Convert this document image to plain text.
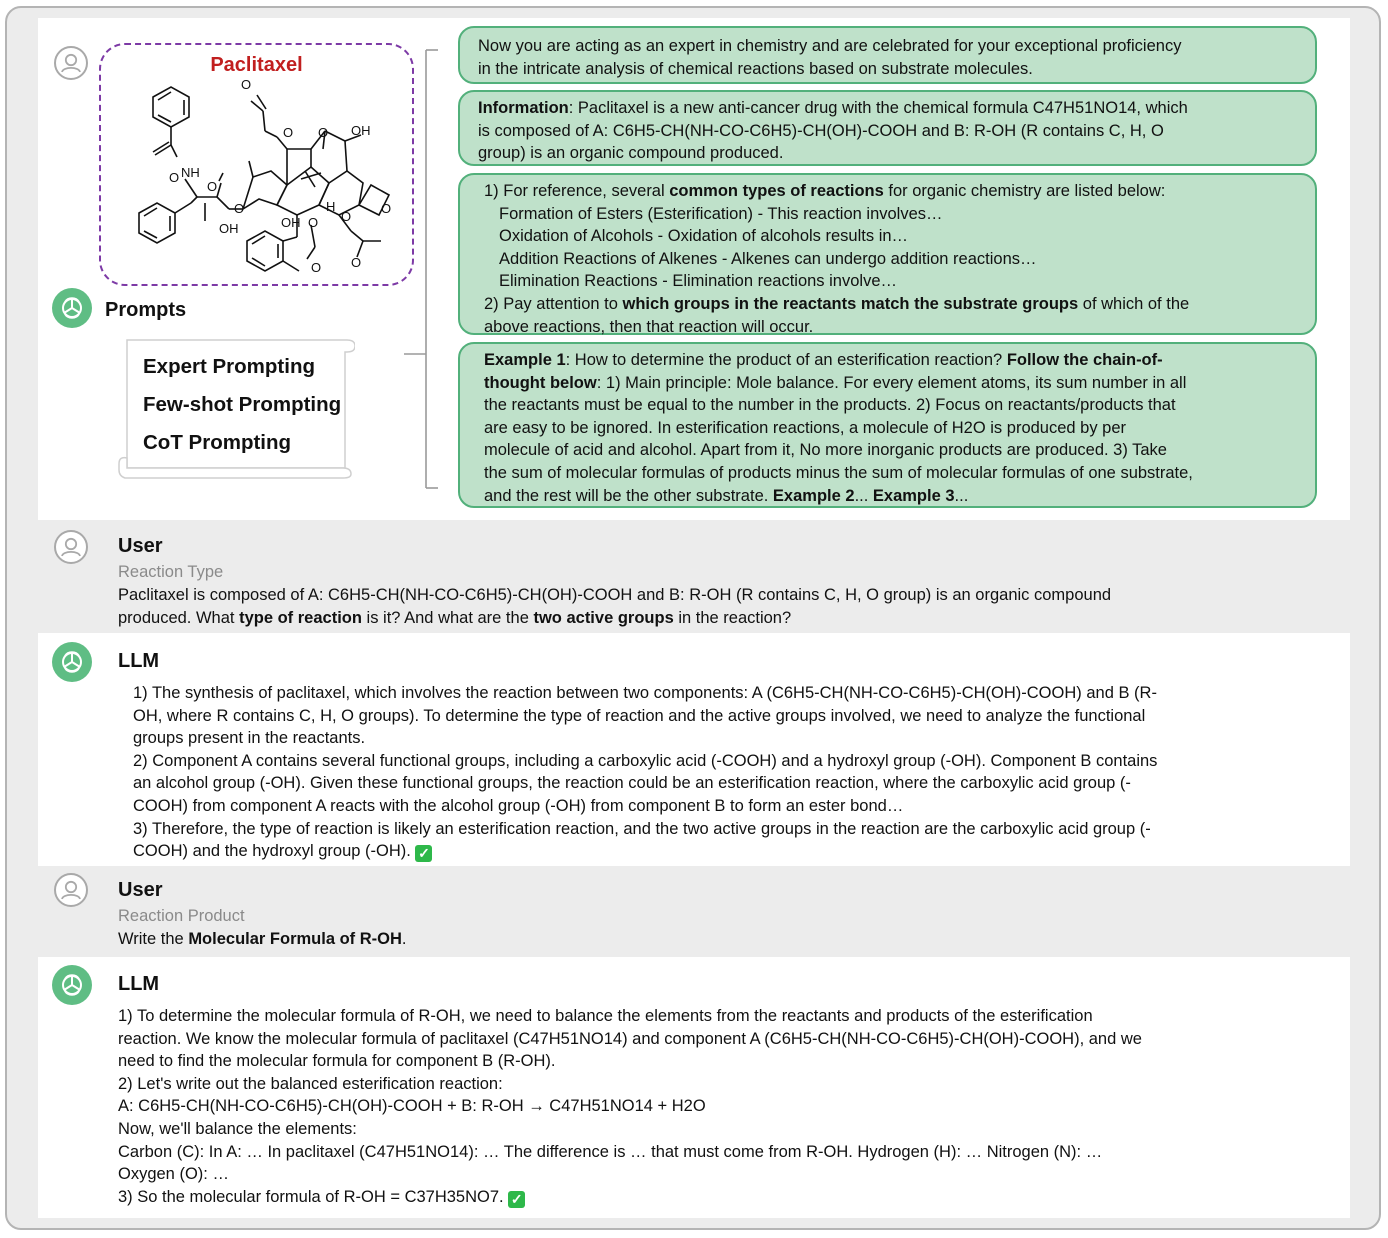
Paclitaxel
O NH
O
OH
O
O
O O OH
OH O
H
O
O
O O
Prompts
Expert Prompting
Few-shot Prompting
CoT Prompting
Now you are acting as an expert in chemistry and are celebrated for your exceptional proficiency
in the intricate analysis of chemical reactions based on substrate molecules.
Information: Paclitaxel is a new anti-cancer drug with the chemical formula C47H51NO14, which
is composed of A: C6H5-CH(NH-CO-C6H5)-CH(OH)-COOH and B: R-OH (R contains C, H, O
group) is an organic compound produced.
1) For reference, several common types of reactions for organic chemistry are listed below:
Formation of Esters (Esterification) - This reaction involves…
Oxidation of Alcohols - Oxidation of alcohols results in…
Addition Reactions of Alkenes - Alkenes can undergo addition reactions…
Elimination Reactions - Elimination reactions involve…
2) Pay attention to which groups in the reactants match the substrate groups of which of the
above reactions, then that reaction will occur.
Example 1: How to determine the product of an esterification reaction? Follow the chain-of-
thought below: 1) Main principle: Mole balance. For every element atoms, its sum number in all
the reactants must be equal to the number in the products. 2) Focus on reactants/products that
are easy to be ignored. In esterification reactions, a molecule of H2O is produced by per
molecule of acid and alcohol. Apart from it, No more inorganic products are produced. 3) Take
the sum of molecular formulas of products minus the sum of molecular formulas of one substrate,
and the rest will be the other substrate. Example 2... Example 3...
User
Reaction Type
Paclitaxel is composed of A: C6H5-CH(NH-CO-C6H5)-CH(OH)-COOH and B: R-OH (R contains C, H, O group) is an organic compound
produced. What type of reaction is it? And what are the two active groups in the reaction?
LLM
1) The synthesis of paclitaxel, which involves the reaction between two components: A (C6H5-CH(NH-CO-C6H5)-CH(OH)-COOH) and B (R-
OH, where R contains C, H, O groups). To determine the type of reaction and the active groups involved, we need to analyze the functional
groups present in the reactants.
2) Component A contains several functional groups, including a carboxylic acid (-COOH) and a hydroxyl group (-OH). Component B contains
an alcohol group (-OH). Given these functional groups, the reaction could be an esterification reaction, where the carboxylic acid group (-
COOH) from component A reacts with the alcohol group (-OH) from component B to form an ester bond…
3) Therefore, the type of reaction is likely an esterification reaction, and the two active groups in the reaction are the carboxylic acid group (-
COOH) and the hydroxyl group (-OH). ✓
User
Reaction Product
Write the Molecular Formula of R-OH.
LLM
1) To determine the molecular formula of R-OH, we need to balance the elements from the reactants and products of the esterification
reaction. We know the molecular formula of paclitaxel (C47H51NO14) and component A (C6H5-CH(NH-CO-C6H5)-CH(OH)-COOH), and we
need to find the molecular formula for component B (R-OH).
2) Let's write out the balanced esterification reaction:
A: C6H5-CH(NH-CO-C6H5)-CH(OH)-COOH + B: R-OH → C47H51NO14 + H2O
Now, we'll balance the elements:
Carbon (C): In A: … In paclitaxel (C47H51NO14): … The difference is … that must come from R-OH. Hydrogen (H): … Nitrogen (N): …
Oxygen (O): …
3) So the molecular formula of R-OH = C37H35NO7. ✓
